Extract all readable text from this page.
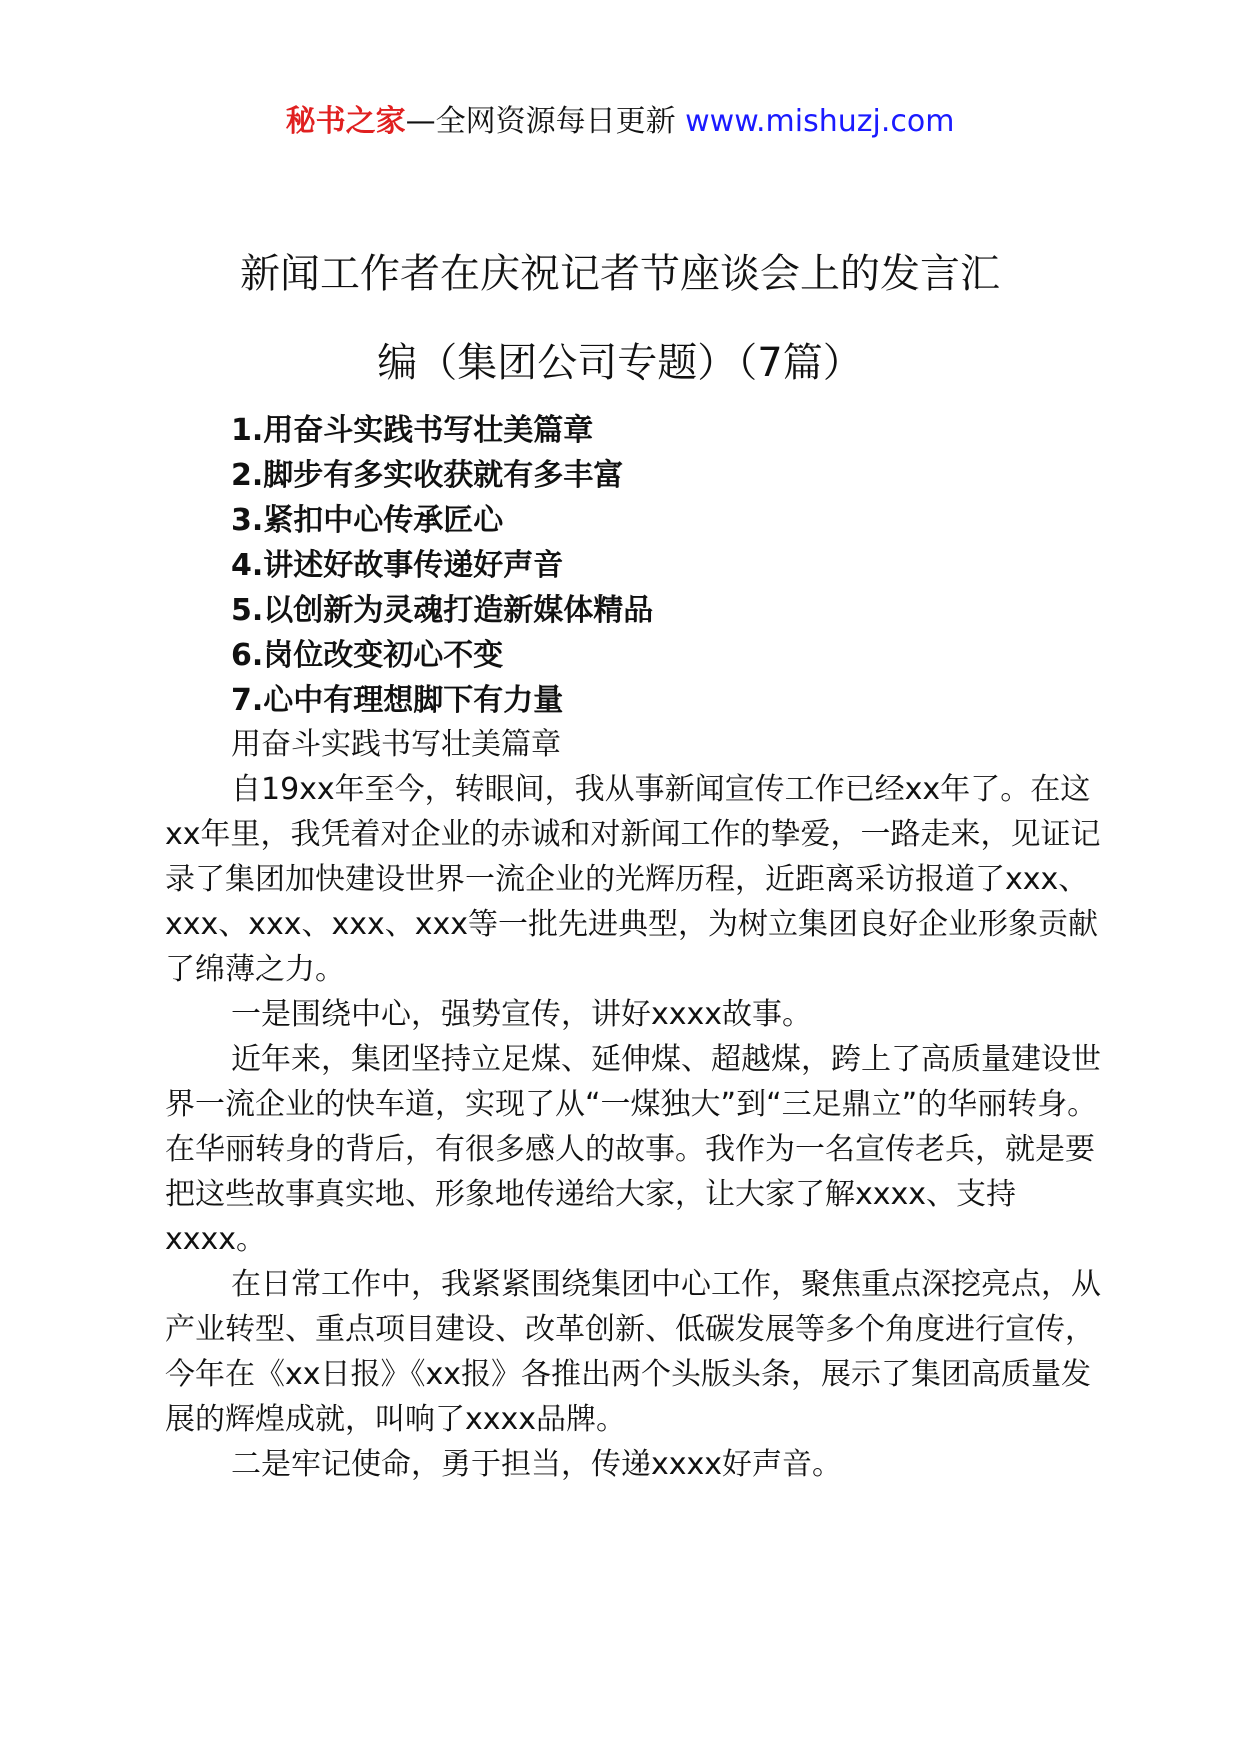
秘书之家—全网资源每日更新 www.mishuzj.com
新闻工作者在庆祝记者节座谈会上的发言汇
编（集团公司专题）（7篇）
1.用奋斗实践书写壮美篇章
2.脚步有多实收获就有多丰富
3.紧扣中心传承匠心
4.讲述好故事传递好声音
5.以创新为灵魂打造新媒体精品
6.岗位改变初心不变
7.心中有理想脚下有力量

用奋斗实践书写壮美篇章

自19xx年至今，转眼间，我从事新闻宣传工作已经xx年了。在这xx年里，我凭着对企业的赤诚和对新闻工作的挚爱，一路走来，见证记录了集团加快建设世界一流企业的光辉历程，近距离采访报道了xxx、xxx、xxx、xxx、xxx等一批先进典型，为树立集团良好企业形象贡献了绵薄之力。

一是围绕中心，强势宣传，讲好xxxx故事。

近年来，集团坚持立足煤、延伸煤、超越煤，跨上了高质量建设世界一流企业的快车道，实现了从“一煤独大”到“三足鼎立”的华丽转身。在华丽转身的背后，有很多感人的故事。我作为一名宣传老兵，就是要把这些故事真实地、形象地传递给大家，让大家了解xxxx、支持xxxx。

在日常工作中，我紧紧围绕集团中心工作，聚焦重点深挖亮点，从产业转型、重点项目建设、改革创新、低碳发展等多个角度进行宣传，今年在《xx日报》《xx报》各推出两个头版头条，展示了集团高质量发展的辉煌成就，叫响了xxxx品牌。

二是牢记使命，勇于担当，传递xxxx好声音。
